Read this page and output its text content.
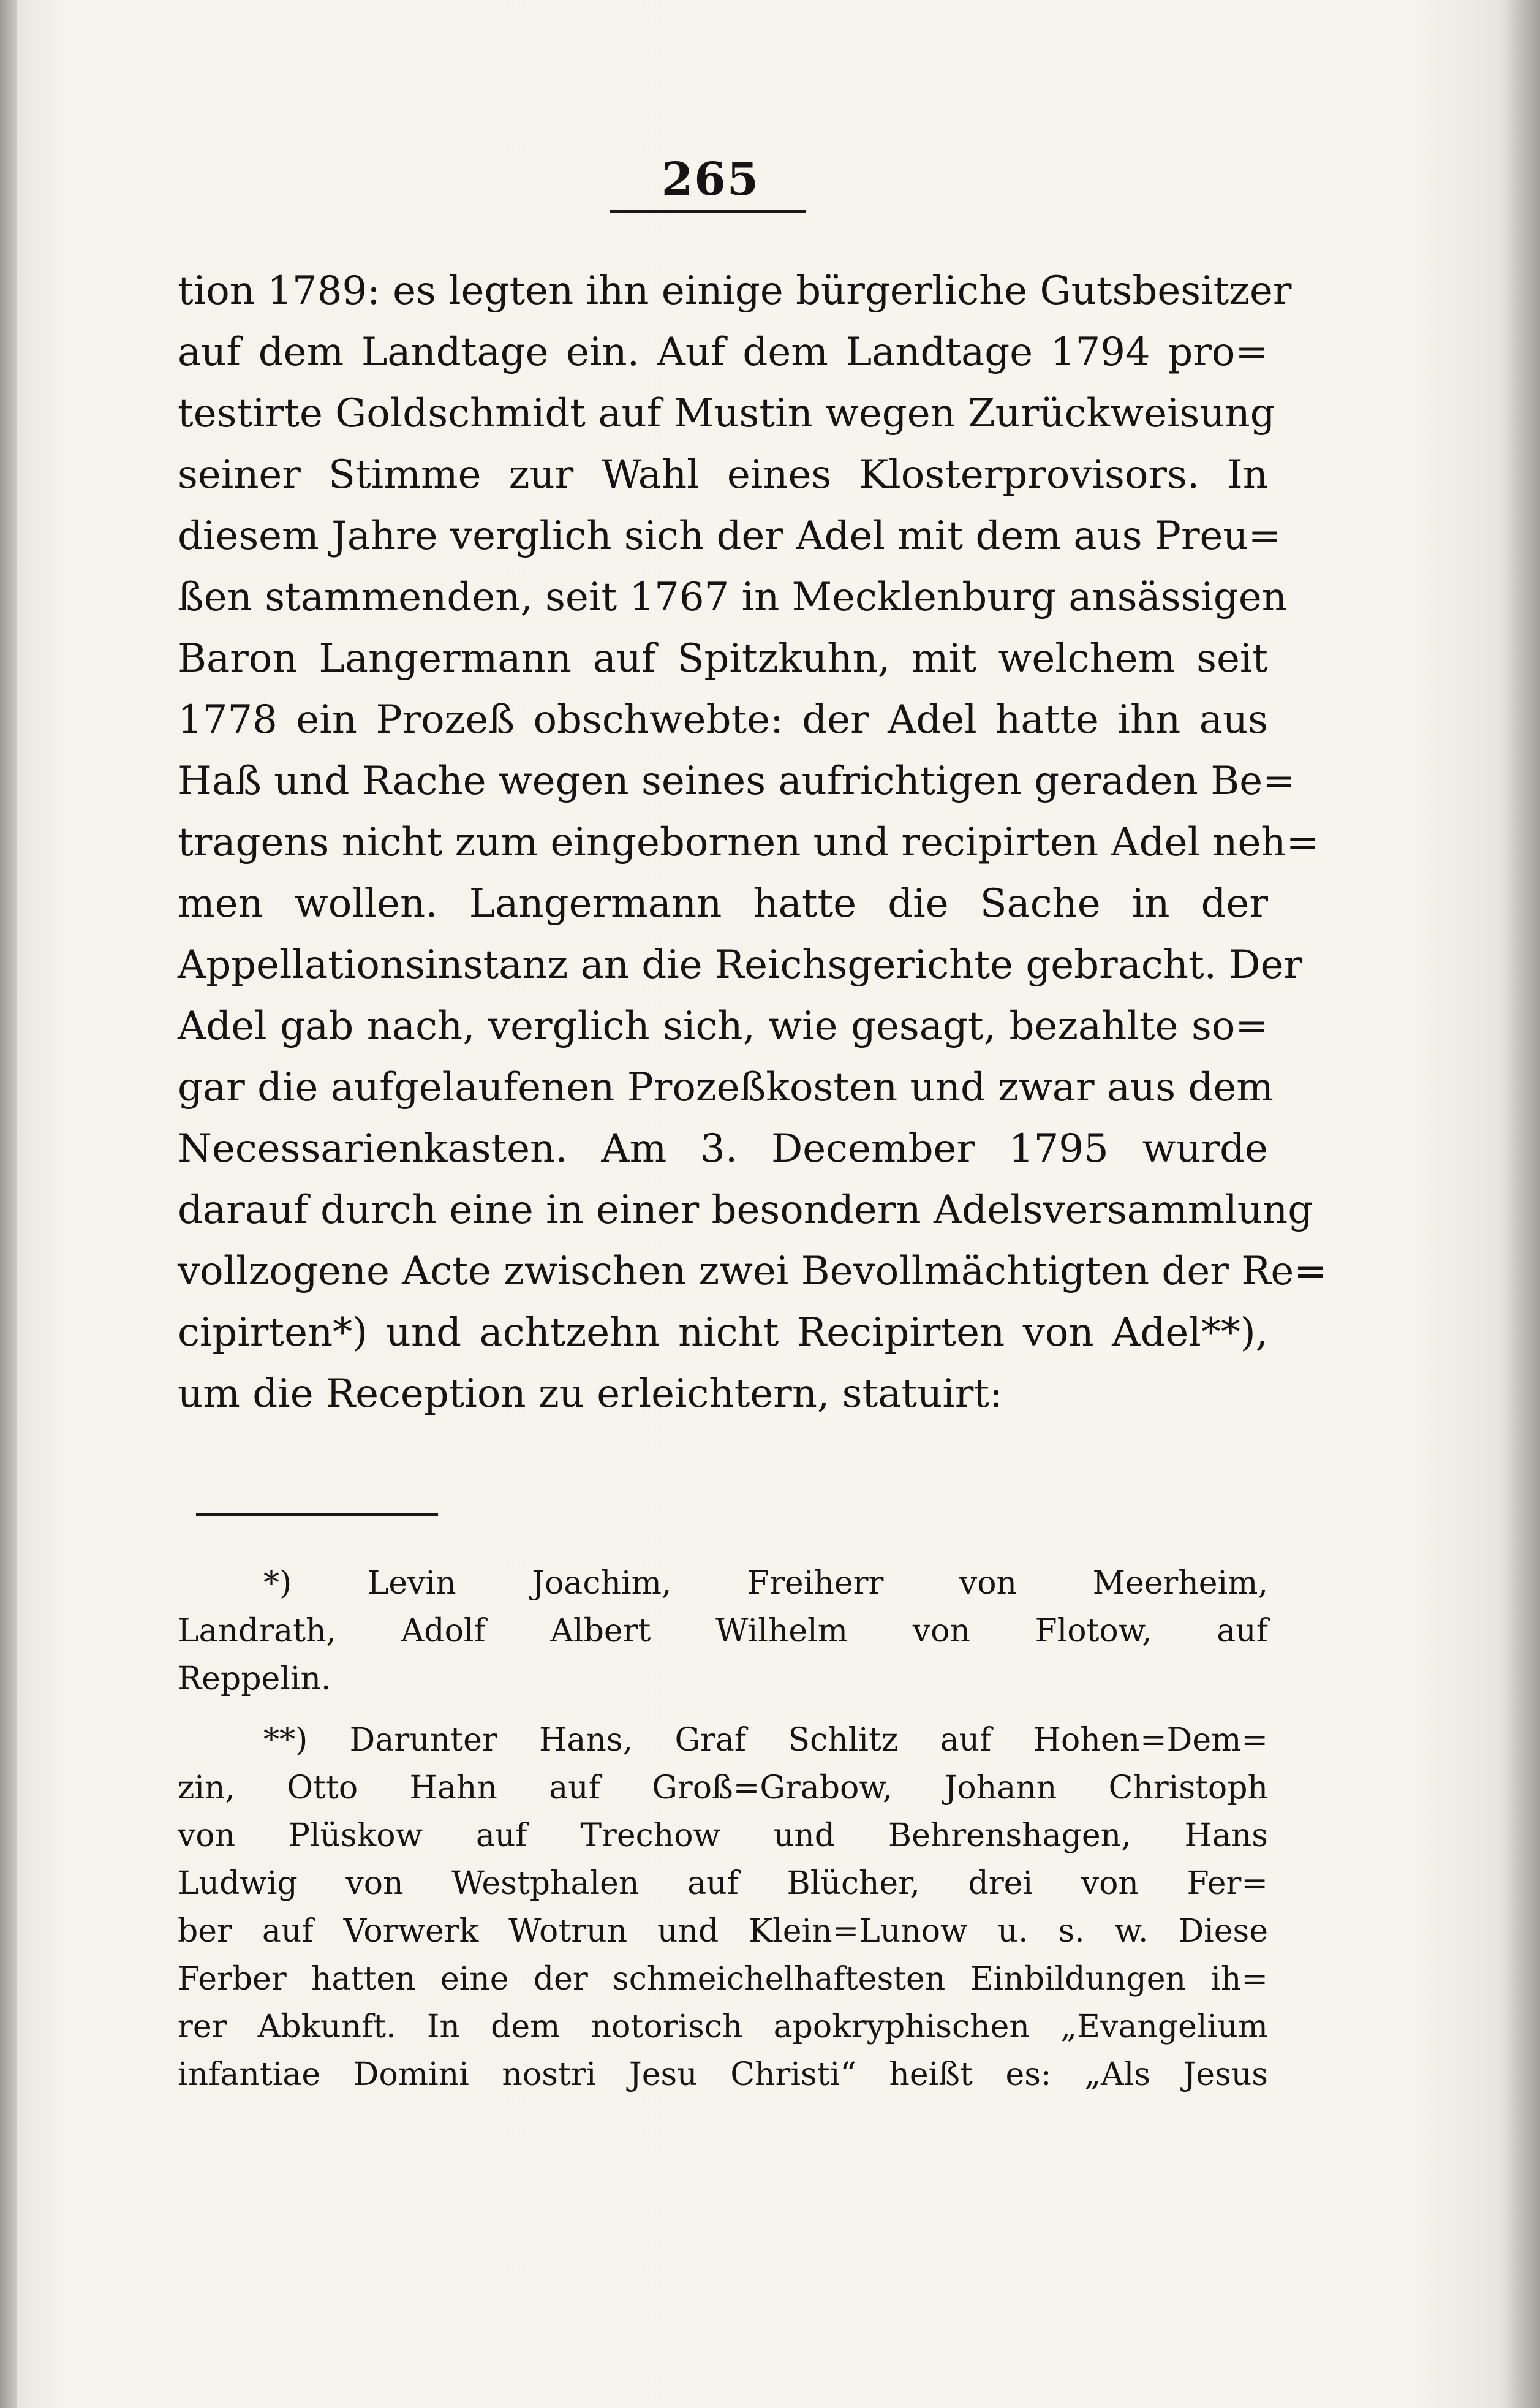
265
tion 1789: es legten ihn einige bürgerliche Gutsbesitzer
auf dem Landtage ein. Auf dem Landtage 1794 pro=
testirte Goldschmidt auf Mustin wegen Zurückweisung
seiner Stimme zur Wahl eines Klosterprovisors. In
diesem Jahre verglich sich der Adel mit dem aus Preu=
ßen stammenden, seit 1767 in Mecklenburg ansässigen
Baron Langermann auf Spitzkuhn, mit welchem seit
1778 ein Prozeß obschwebte: der Adel hatte ihn aus
Haß und Rache wegen seines aufrichtigen geraden Be=
tragens nicht zum eingebornen und recipirten Adel neh=
men wollen. Langermann hatte die Sache in der
Appellationsinstanz an die Reichsgerichte gebracht. Der
Adel gab nach, verglich sich, wie gesagt, bezahlte so=
gar die aufgelaufenen Prozeßkosten und zwar aus dem
Necessarienkasten. Am 3. December 1795 wurde
darauf durch eine in einer besondern Adelsversammlung
vollzogene Acte zwischen zwei Bevollmächtigten der Re=
cipirten*) und achtzehn nicht Recipirten von Adel**),
um die Reception zu erleichtern, statuirt:
*) Levin Joachim, Freiherr von Meerheim,
Landrath, Adolf Albert Wilhelm von Flotow, auf
Reppelin.
**) Darunter Hans, Graf Schlitz auf Hohen=Dem=
zin, Otto Hahn auf Groß=Grabow, Johann Christoph
von Plüskow auf Trechow und Behrenshagen, Hans
Ludwig von Westphalen auf Blücher, drei von Fer=
ber auf Vorwerk Wotrun und Klein=Lunow u. s. w. Diese
Ferber hatten eine der schmeichelhaftesten Einbildungen ih=
rer Abkunft. In dem notorisch apokryphischen „Evangelium
infantiae Domini nostri Jesu Christi“ heißt es: „Als Jesus
